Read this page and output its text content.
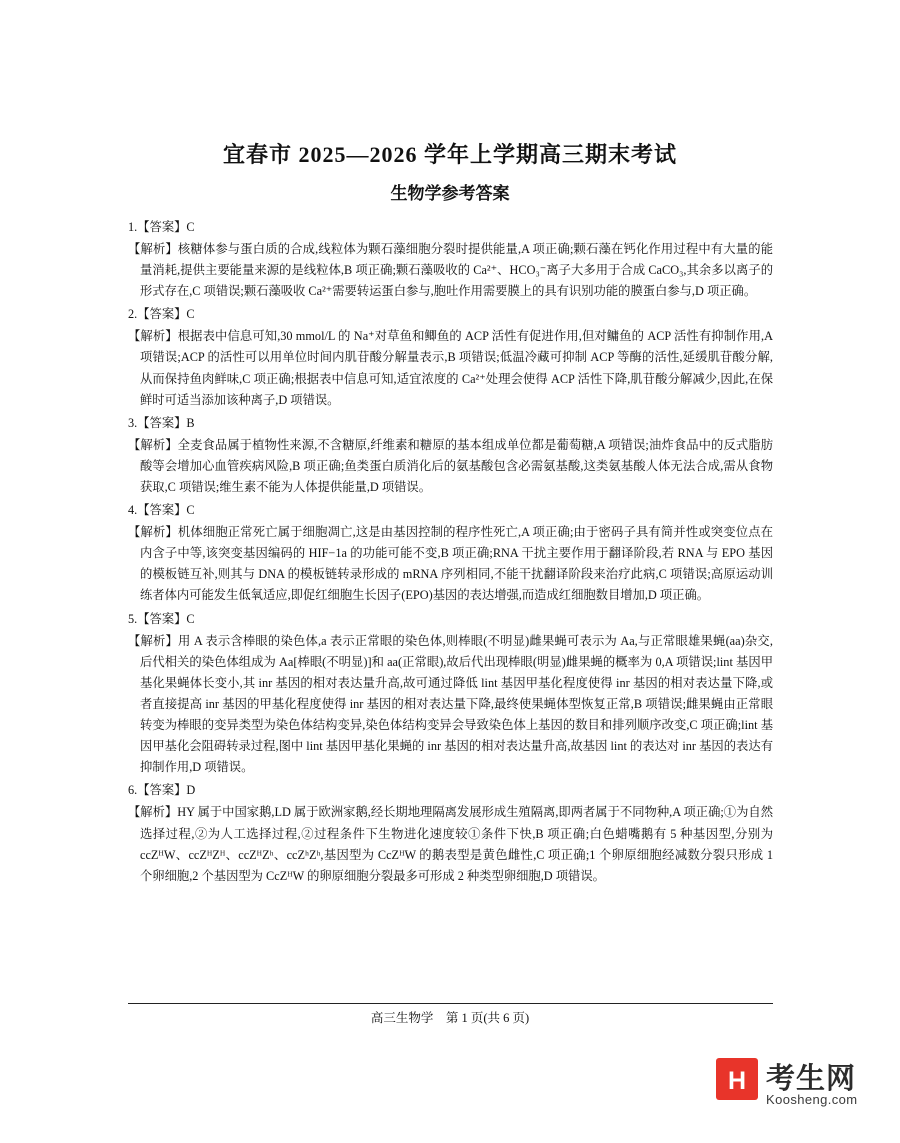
宜春市 2025—2026 学年上学期高三期末考试
生物学参考答案

1.【答案】C

【解析】核糖体参与蛋白质的合成,线粒体为颗石藻细胞分裂时提供能量,A 项正确;颗石藻在钙化作用过程中有大量的能量消耗,提供主要能量来源的是线粒体,B 项正确;颗石藻吸收的 Ca²⁺、HCO₃⁻离子大多用于合成 CaCO₃,其余多以离子的形式存在,C 项错误;颗石藻吸收 Ca²⁺需要转运蛋白参与,胞吐作用需要膜上的具有识别功能的膜蛋白参与,D 项正确。

2.【答案】C

【解析】根据表中信息可知,30 mmol/L 的 Na⁺对草鱼和鲫鱼的 ACP 活性有促进作用,但对鳙鱼的 ACP 活性有抑制作用,A 项错误;ACP 的活性可以用单位时间内肌苷酸分解量表示,B 项错误;低温冷藏可抑制 ACP 等酶的活性,延缓肌苷酸分解,从而保持鱼肉鲜味,C 项正确;根据表中信息可知,适宜浓度的 Ca²⁺处理会使得 ACP 活性下降,肌苷酸分解减少,因此,在保鲜时可适当添加该种离子,D 项错误。

3.【答案】B

【解析】全麦食品属于植物性来源,不含糖原,纤维素和糖原的基本组成单位都是葡萄糖,A 项错误;油炸食品中的反式脂肪酸等会增加心血管疾病风险,B 项正确;鱼类蛋白质消化后的氨基酸包含必需氨基酸,这类氨基酸人体无法合成,需从食物获取,C 项错误;维生素不能为人体提供能量,D 项错误。

4.【答案】C

【解析】机体细胞正常死亡属于细胞凋亡,这是由基因控制的程序性死亡,A 项正确;由于密码子具有简并性或突变位点在内含子中等,该突变基因编码的 HIF−1a 的功能可能不变,B 项正确;RNA 干扰主要作用于翻译阶段,若 RNA 与 EPO 基因的模板链互补,则其与 DNA 的模板链转录形成的 mRNA 序列相同,不能干扰翻译阶段来治疗此病,C 项错误;高原运动训练者体内可能发生低氧适应,即促红细胞生长因子(EPO)基因的表达增强,而造成红细胞数目增加,D 项正确。

5.【答案】C

【解析】用 A 表示含棒眼的染色体,a 表示正常眼的染色体,则棒眼(不明显)雌果蝇可表示为 Aa,与正常眼雄果蝇(aa)杂交,后代相关的染色体组成为 Aa[棒眼(不明显)]和 aa(正常眼),故后代出现棒眼(明显)雌果蝇的概率为 0,A 项错误;lint 基因甲基化果蝇体长变小,其 inr 基因的相对表达量升高,故可通过降低 lint 基因甲基化程度使得 inr 基因的相对表达量下降,或者直接提高 inr 基因的甲基化程度使得 inr 基因的相对表达量下降,最终使果蝇体型恢复正常,B 项错误;雌果蝇由正常眼转变为棒眼的变异类型为染色体结构变异,染色体结构变异会导致染色体上基因的数目和排列顺序改变,C 项正确;lint 基因甲基化会阻碍转录过程,图中 lint 基因甲基化果蝇的 inr 基因的相对表达量升高,故基因 lint 的表达对 inr 基因的表达有抑制作用,D 项错误。

6.【答案】D

【解析】HY 属于中国家鹅,LD 属于欧洲家鹅,经长期地理隔离发展形成生殖隔离,即两者属于不同物种,A 项正确;①为自然选择过程,②为人工选择过程,②过程条件下生物进化速度较①条件下快,B 项正确;白色蜡嘴鹅有 5 种基因型,分别为 ccZᴴW、ccZᴴZᴴ、ccZᴴZʰ、ccZʰZʰ,基因型为 CcZᴴW 的鹅表型是黄色雌性,C 项正确;1 个卵原细胞经减数分裂只形成 1 个卵细胞,2 个基因型为 CcZᴴW 的卵原细胞分裂最多可形成 2 种类型卵细胞,D 项错误。

高三生物学　第 1 页(共 6 页)
H 考生网
Koosheng.com
